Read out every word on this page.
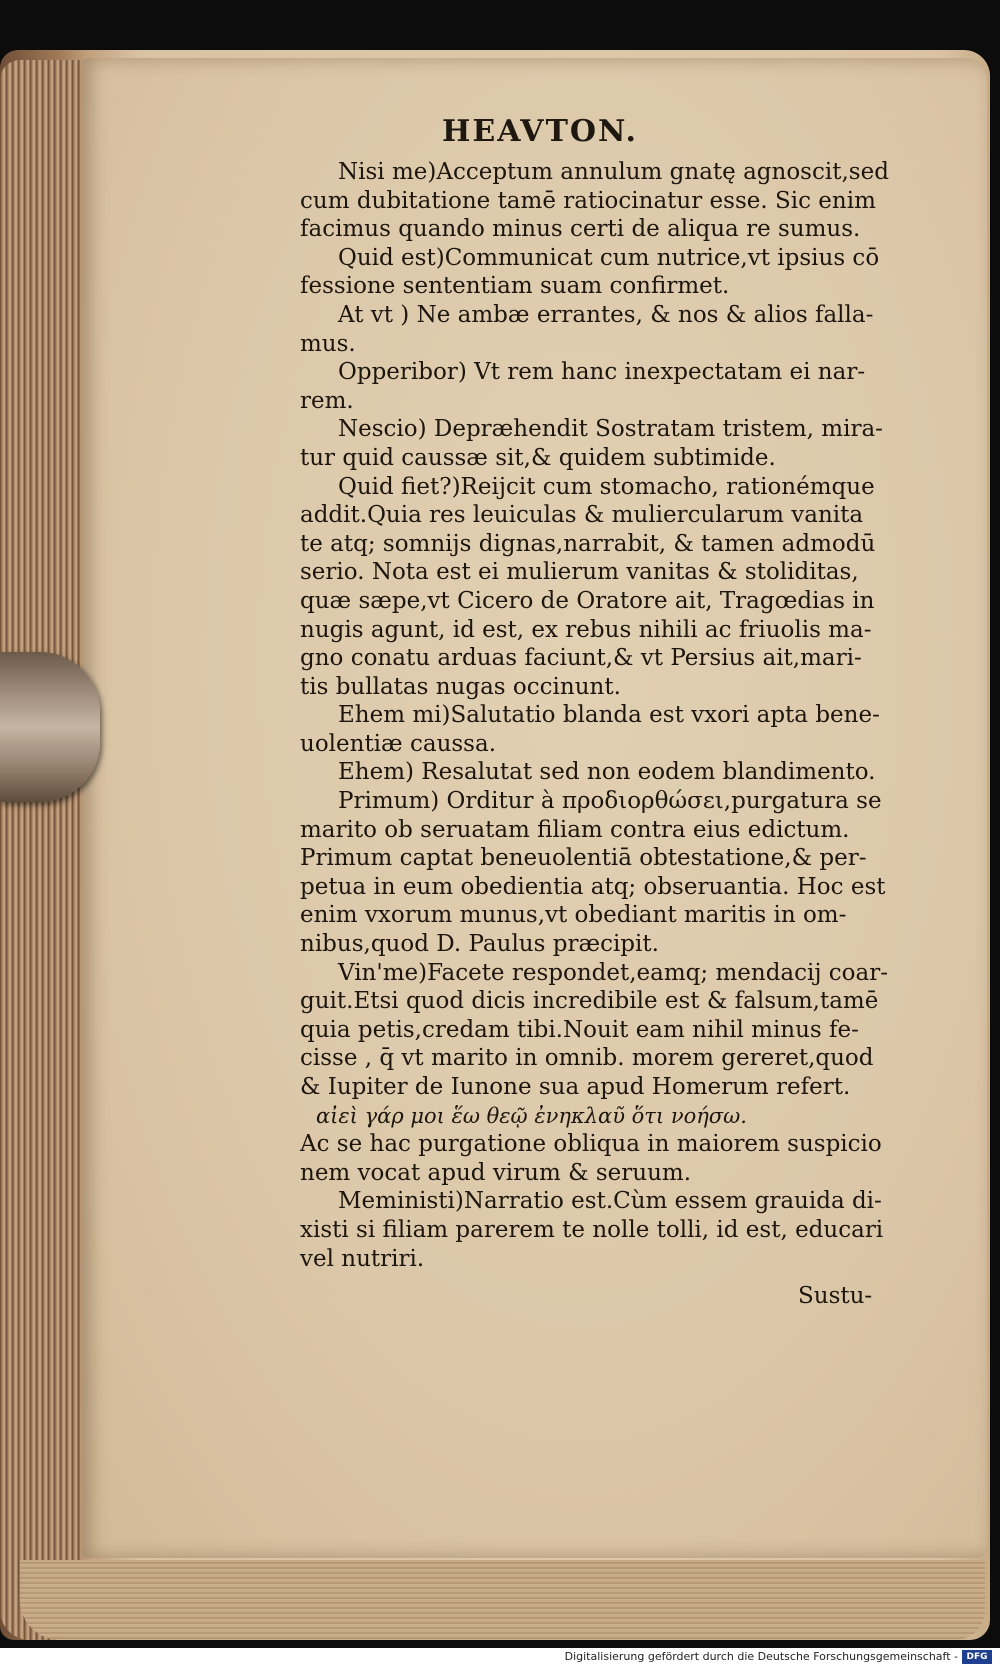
HEAVTON.
Nisi me)Acceptum annulum gnatę agnoscit,sed
cum dubitatione tamē ratiocinatur esse. Sic enim
facimus quando minus certi de aliqua re sumus.
Quid est)Communicat cum nutrice,vt ipsius cō
fessione sententiam suam confirmet.
At vt ) Ne ambæ errantes, & nos & alios falla-
mus.
Opperibor) Vt rem hanc inexpectatam ei nar-
rem.
Nescio) Depræhendit Sostratam tristem, mira-
tur quid caussæ sit,& quidem subtimide.
Quid fiet?)Reijcit cum stomacho, rationémque
addit.Quia res leuiculas & muliercularum vanita
te atq; somnijs dignas,narrabit, & tamen admodū
serio. Nota est ei mulierum vanitas & stoliditas,
quæ sæpe,vt Cicero de Oratore ait, Tragœdias in
nugis agunt, id est, ex rebus nihili ac friuolis ma-
gno conatu arduas faciunt,& vt Persius ait,mari-
tis bullatas nugas occinunt.
Ehem mi)Salutatio blanda est vxori apta bene-
uolentiæ caussa.
Ehem) Resalutat sed non eodem blandimento.
Primum) Orditur à προδιορθώσει,purgatura se
marito ob seruatam filiam contra eius edictum.
Primum captat beneuolentiā obtestatione,& per-
petua in eum obedientia atq; obseruantia. Hoc est
enim vxorum munus,vt obediant maritis in om-
nibus,quod D. Paulus præcipit.
Vin'me)Facete respondet,eamq; mendacij coar-
guit.Etsi quod dicis incredibile est & falsum,tamē
quia petis,credam tibi.Nouit eam nihil minus fe-
cisse , q̄ vt marito in omnib. morem gereret,quod
& Iupiter de Iunone sua apud Homerum refert.
αἰεὶ γάρ μοι ἕω θεῷ ἐνηκλαῦ ὅτι νοήσω.
Ac se hac purgatione obliqua in maiorem suspicio
nem vocat apud virum & seruum.
Meministi)Narratio est.Cùm essem grauida di-
xisti si filiam parerem te nolle tolli, id est, educari
vel nutriri.
Sustu-
Digitalisierung gefördert durch die Deutsche Forschungsgemeinschaft - DFG
